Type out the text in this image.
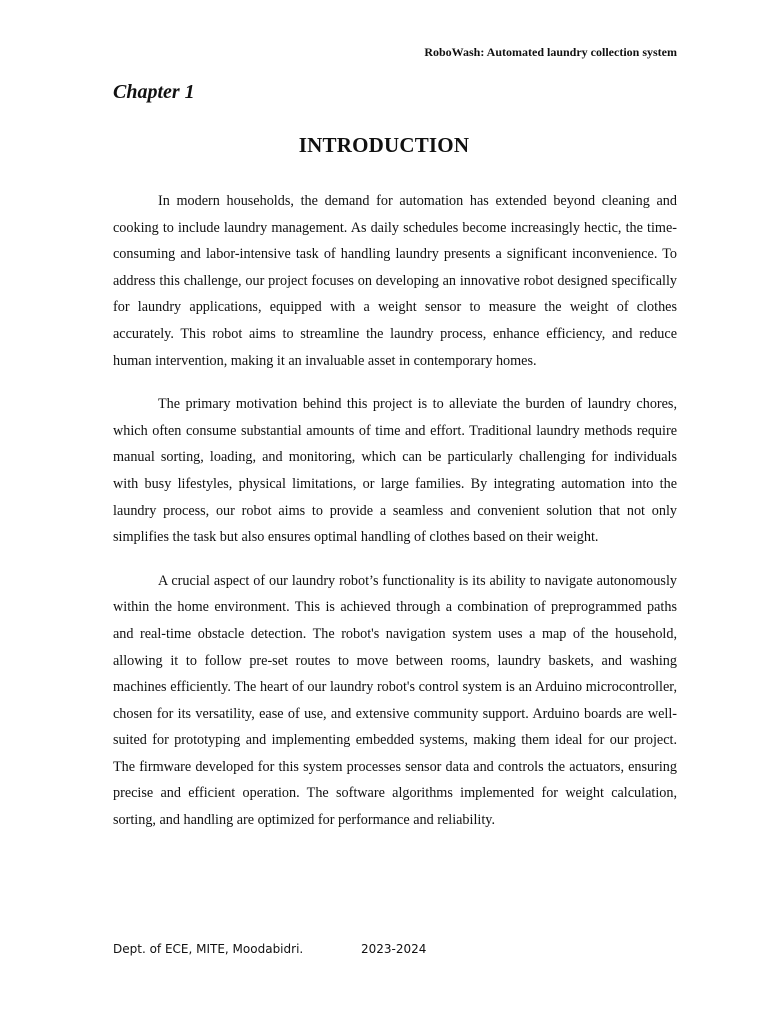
RoboWash: Automated laundry collection system
Chapter 1
INTRODUCTION

In modern households, the demand for automation has extended beyond cleaning and cooking to include laundry management. As daily schedules become increasingly hectic, the time-consuming and labor-intensive task of handling laundry presents a significant inconvenience. To address this challenge, our project focuses on developing an innovative robot designed specifically for laundry applications, equipped with a weight sensor to measure the weight of clothes accurately. This robot aims to streamline the laundry process, enhance efficiency, and reduce human intervention, making it an invaluable asset in contemporary homes.

The primary motivation behind this project is to alleviate the burden of laundry chores, which often consume substantial amounts of time and effort. Traditional laundry methods require manual sorting, loading, and monitoring, which can be particularly challenging for individuals with busy lifestyles, physical limitations, or large families. By integrating automation into the laundry process, our robot aims to provide a seamless and convenient solution that not only simplifies the task but also ensures optimal handling of clothes based on their weight.

A crucial aspect of our laundry robot’s functionality is its ability to navigate autonomously within the home environment. This is achieved through a combination of preprogrammed paths and real-time obstacle detection. The robot's navigation system uses a map of the household, allowing it to follow pre-set routes to move between rooms, laundry baskets, and washing machines efficiently. The heart of our laundry robot's control system is an Arduino microcontroller, chosen for its versatility, ease of use, and extensive community support. Arduino boards are well-suited for prototyping and implementing embedded systems, making them ideal for our project. The firmware developed for this system processes sensor data and controls the actuators, ensuring precise and efficient operation. The software algorithms implemented for weight calculation, sorting, and handling are optimized for performance and reliability.

Dept. of ECE, MITE, Moodabidri.	2023-2024
